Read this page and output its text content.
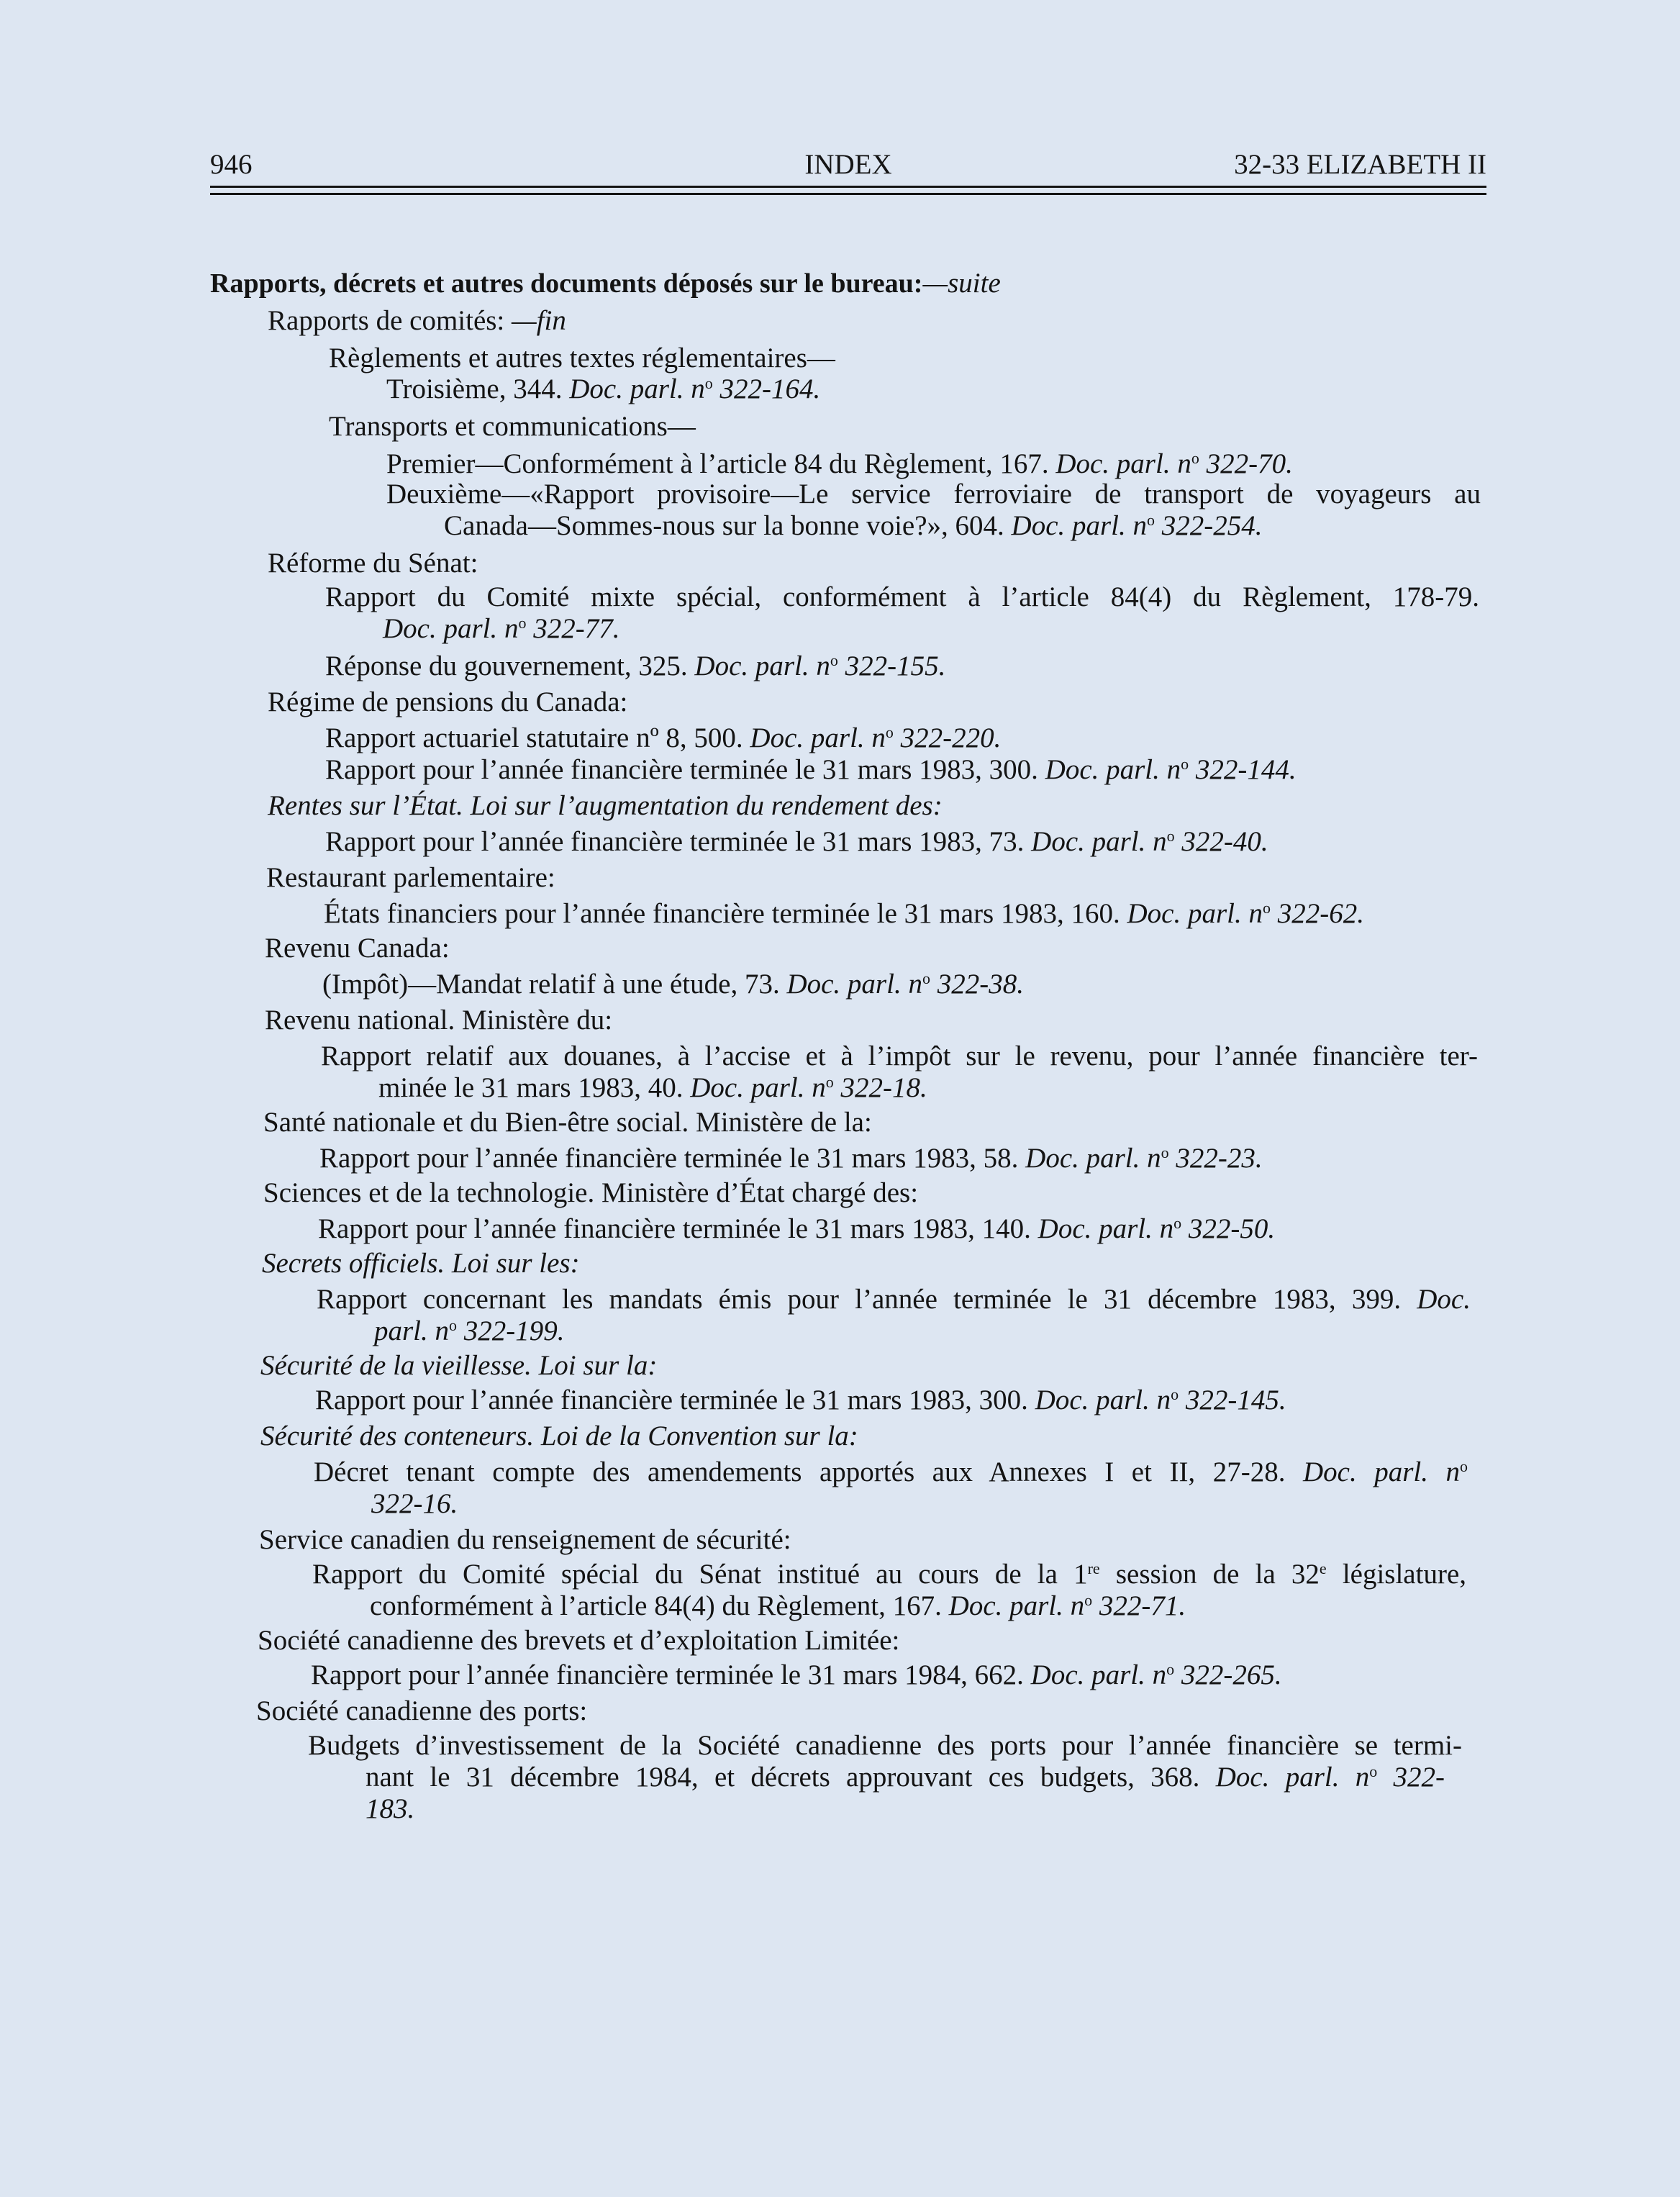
946	INDEX	32-33 ELIZABETH II
Rapports, décrets et autres documents déposés sur le bureau:—suite
Rapports de comités: —fin
Règlements et autres textes réglementaires—
Troisième, 344. Doc. parl. $n^o$ 322-164.
Transports et communications—
Premier—Conformément à l’article 84 du Règlement, 167. Doc. parl. $n^o$ 322-70.
Deuxième—«Rapport provisoire—Le service ferroviaire de transport de voyageurs au
Canada—Sommes-nous sur la bonne voie?», 604. Doc. parl. $n^o$ 322-254.
Réforme du Sénat:
Rapport du Comité mixte spécial, conformément à l’article 84(4) du Règlement, 178-79.
Doc. parl. $n^o$ 322-77.
Réponse du gouvernement, 325. Doc. parl. $n^o$ 322-155.
Régime de pensions du Canada:
Rapport actuariel statutaire nº 8, 500. Doc. parl. $n^o$ 322-220.
Rapport pour l’année financière terminée le 31 mars 1983, 300. Doc. parl. $n^o$ 322-144.
Rentes sur l’État. Loi sur l’augmentation du rendement des:
Rapport pour l’année financière terminée le 31 mars 1983, 73. Doc. parl. $n^o$ 322-40.
Restaurant parlementaire:
États financiers pour l’année financière terminée le 31 mars 1983, 160. Doc. parl. $n^o$ 322-62.
Revenu Canada:
(Impôt)—Mandat relatif à une étude, 73. Doc. parl. $n^o$ 322-38.
Revenu national. Ministère du:
Rapport relatif aux douanes, à l’accise et à l’impôt sur le revenu, pour l’année financière ter-
minée le 31 mars 1983, 40. Doc. parl. $n^o$ 322-18.
Santé nationale et du Bien-être social. Ministère de la:
Rapport pour l’année financière terminée le 31 mars 1983, 58. Doc. parl. $n^o$ 322-23.
Sciences et de la technologie. Ministère d’État chargé des:
Rapport pour l’année financière terminée le 31 mars 1983, 140. Doc. parl. $n^o$ 322-50.
Secrets officiels. Loi sur les:
Rapport concernant les mandats émis pour l’année terminée le 31 décembre 1983, 399. Doc.
parl. $n^o$ 322-199.
Sécurité de la vieillesse. Loi sur la:
Rapport pour l’année financière terminée le 31 mars 1983, 300. Doc. parl. $n^o$ 322-145.
Sécurité des conteneurs. Loi de la Convention sur la:
Décret tenant compte des amendements apportés aux Annexes I et II, 27-28. Doc. parl. $n^o$
322-16.
Service canadien du renseignement de sécurité:
Rapport du Comité spécial du Sénat institué au cours de la 1re session de la 32e législature,
conformément à l’article 84(4) du Règlement, 167. Doc. parl. $n^o$ 322-71.
Société canadienne des brevets et d’exploitation Limitée:
Rapport pour l’année financière terminée le 31 mars 1984, 662. Doc. parl. $n^o$ 322-265.
Société canadienne des ports:
Budgets d’investissement de la Société canadienne des ports pour l’année financière se termi-
nant le 31 décembre 1984, et décrets approuvant ces budgets, 368. Doc. parl. $n^o$ 322-
183.
